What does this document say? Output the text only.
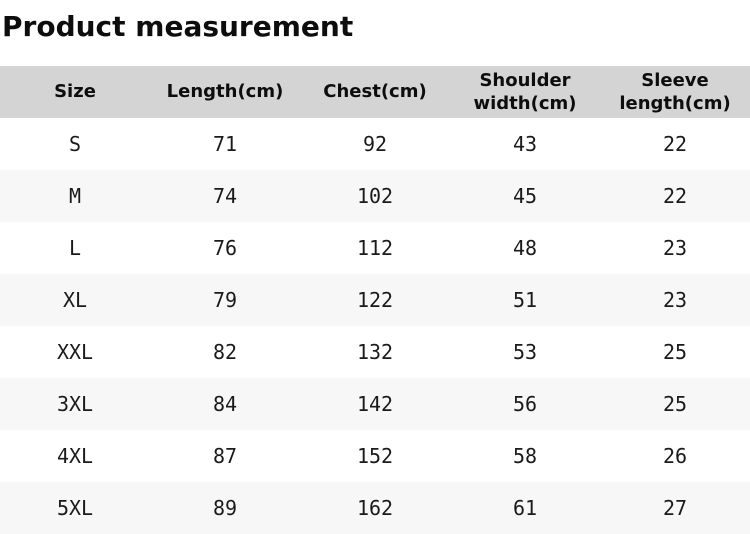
Product measurement
Size	Length(cm)	Chest(cm)	Shoulder width(cm)	Sleeve length(cm)
S	71	92	43	22
M	74	102	45	22
L	76	112	48	23
XL	79	122	51	23
XXL	82	132	53	25
3XL	84	142	56	25
4XL	87	152	58	26
5XL	89	162	61	27
